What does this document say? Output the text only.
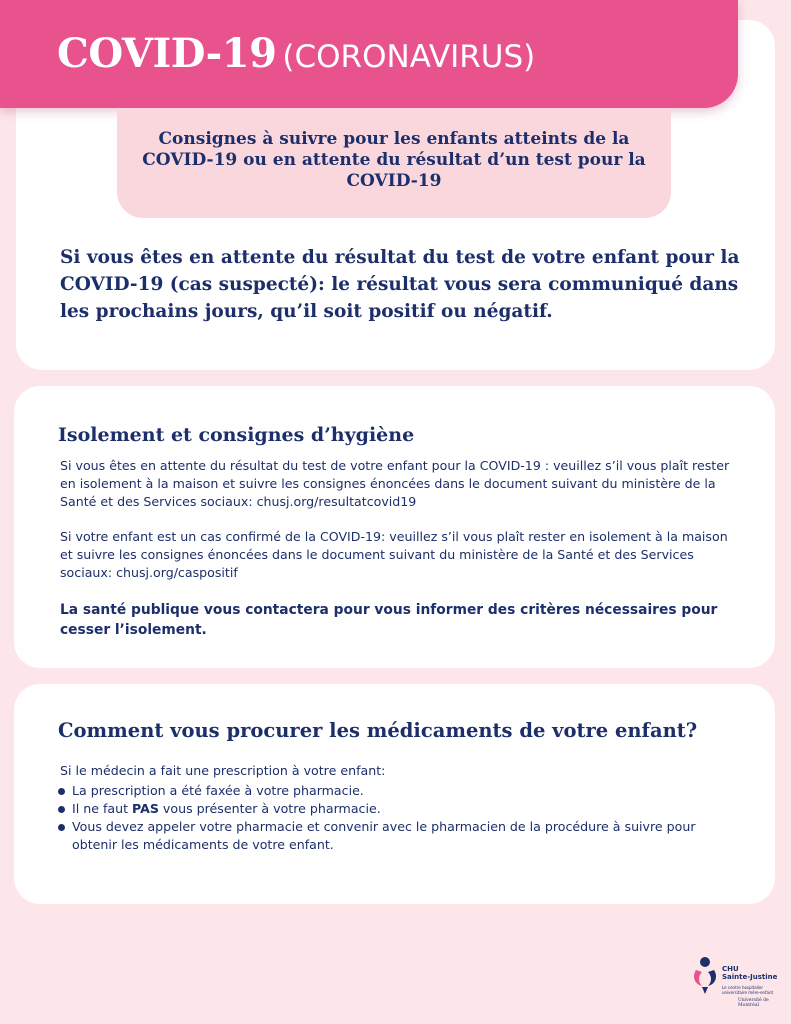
COVID-19 (CORONAVIRUS)

Consignes à suivre pour les enfants atteints de la COVID-19 ou en attente du résultat d’un test pour la COVID-19

Si vous êtes en attente du résultat du test de votre enfant pour la COVID-19 (cas suspecté): le résultat vous sera communiqué dans les prochains jours, qu’il soit positif ou négatif.

Isolement et consignes d’hygiène

Si vous êtes en attente du résultat du test de votre enfant pour la COVID-19 : veuillez s’il vous plaît rester en isolement à la maison et suivre les consignes énoncées dans le document suivant du ministère de la Santé et des Services sociaux: chusj.org/resultatcovid19

Si votre enfant est un cas confirmé de la COVID-19: veuillez s’il vous plaît rester en isolement à la maison et suivre les consignes énoncées dans le document suivant du ministère de la Santé et des Services sociaux: chusj.org/caspositif

La santé publique vous contactera pour vous informer des critères nécessaires pour cesser l’isolement.

Comment vous procurer les médicaments de votre enfant?

Si le médecin a fait une prescription à votre enfant:

La prescription a été faxée à votre pharmacie.
Il ne faut PAS vous présenter à votre pharmacie.
Vous devez appeler votre pharmacie et convenir avec le pharmacien de la procédure à suivre pour obtenir les médicaments de votre enfant.
CHU
Sainte-Justine
Le centre hospitalier universitaire mère-enfant
Université de Montréal
